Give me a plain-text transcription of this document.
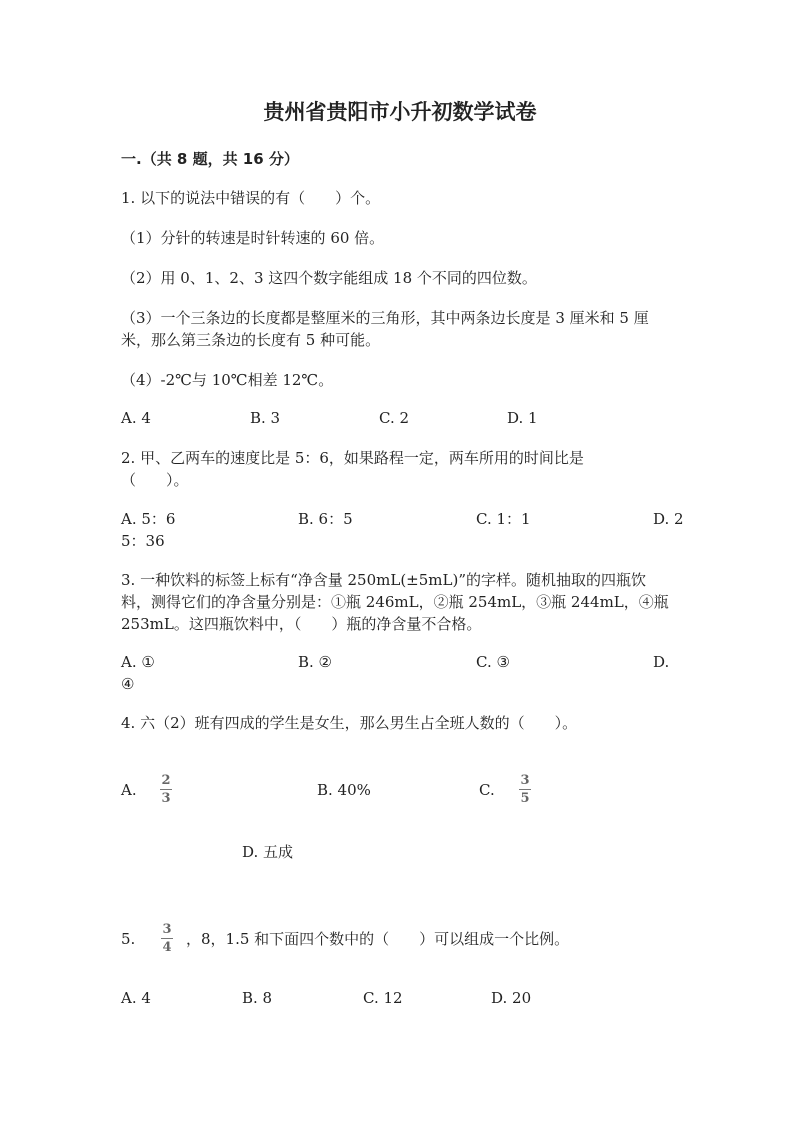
贵州省贵阳市小升初数学试卷
一.（共 8 题，共 16 分）
1. 以下的说法中错误的有（　　）个。
（1）分针的转速是时针转速的 60 倍。
（2）用 0、1、2、3 这四个数字能组成 18 个不同的四位数。
（3）一个三条边的长度都是整厘米的三角形，其中两条边长度是 3 厘米和 5 厘
米，那么第三条边的长度有 5 种可能。
（4）-2℃与 10℃相差 12℃。
A. 4	B. 3	C. 2	D. 1
2. 甲、乙两车的速度比是 5：6，如果路程一定，两车所用的时间比是
（　　）。
A. 5：6	B. 6：5	C. 1：1	D. 2
5：36
3. 一种饮料的标签上标有“净含量 250mL(±5mL)”的字样。随机抽取的四瓶饮
料，测得它们的净含量分别是：①瓶 246mL，②瓶 254mL，③瓶 244mL，④瓶
253mL。这四瓶饮料中，（　　）瓶的净含量不合格。
A. ①	B. ②	C. ③	D.
④
4. 六（2）班有四成的学生是女生，那么男生占全班人数的（　　）。
A.
2
3	B. 40%	C.
3
5
D. 五成
5.
3
4 ，8，1.5 和下面四个数中的（　　）可以组成一个比例。
A. 4	B. 8	C. 12	D. 20
